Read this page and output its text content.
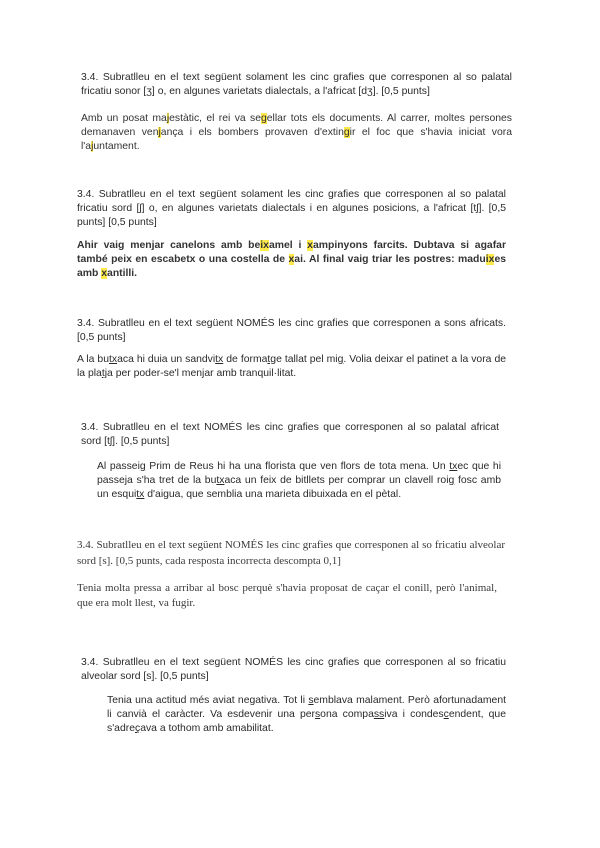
3.4. Subratlleu en el text següent solament les cinc grafies que corresponen al so palatal fricatiu sonor [ʒ] o, en algunes varietats dialectals, a l'africat [dʒ]. [0,5 punts]

Amb un posat majestàtic, el rei va segellar tots els documents. Al carrer, moltes persones demanaven venjança i els bombers provaven d'extingir el foc que s'havia iniciat vora l'ajuntament.

3.4. Subratlleu en el text següent solament les cinc grafies que corresponen al so palatal fricatiu sord [ʃ] o, en algunes varietats dialectals i en algunes posicions, a l'africat [tʃ]. [0,5 punts] [0,5 punts]

Ahir vaig menjar canelons amb beixamel i xampinyons farcits. Dubtava si agafar també peix en escabetx o una costella de xai. Al final vaig triar les postres: maduixes amb xantilli.

3.4. Subratlleu en el text següent NOMÉS les cinc grafies que corresponen a sons africats. [0,5 punts]

A la butxaca hi duia un sandvitx de formatge tallat pel mig. Volia deixar el patinet a la vora de la platja per poder-se'l menjar amb tranquil·litat.

3.4. Subratlleu en el text NOMÉS les cinc grafies que corresponen al so palatal africat sord [tʃ]. [0,5 punts]

Al passeig Prim de Reus hi ha una florista que ven flors de tota mena. Un txec que hi passeja s'ha tret de la butxaca un feix de bitllets per comprar un clavell roig fosc amb un esquitx d'aigua, que semblia una marieta dibuixada en el pètal.

3.4. Subratlleu en el text següent NOMÉS les cinc grafies que corresponen al so fricatiu alveolar sord [s]. [0,5 punts, cada resposta incorrecta descompta 0,1]

Tenia molta pressa a arribar al bosc perquè s'havia proposat de caçar el conill, però l'animal, que era molt llest, va fugir.

3.4. Subratlleu en el text següent NOMÉS les cinc grafies que corresponen al so fricatiu alveolar sord [s]. [0,5 punts]

Tenia una actitud més aviat negativa. Tot li semblava malament. Però afortunadament li canvià el caràcter. Va esdevenir una persona compassiva i condescendent, que s'adreçava a tothom amb amabilitat.
